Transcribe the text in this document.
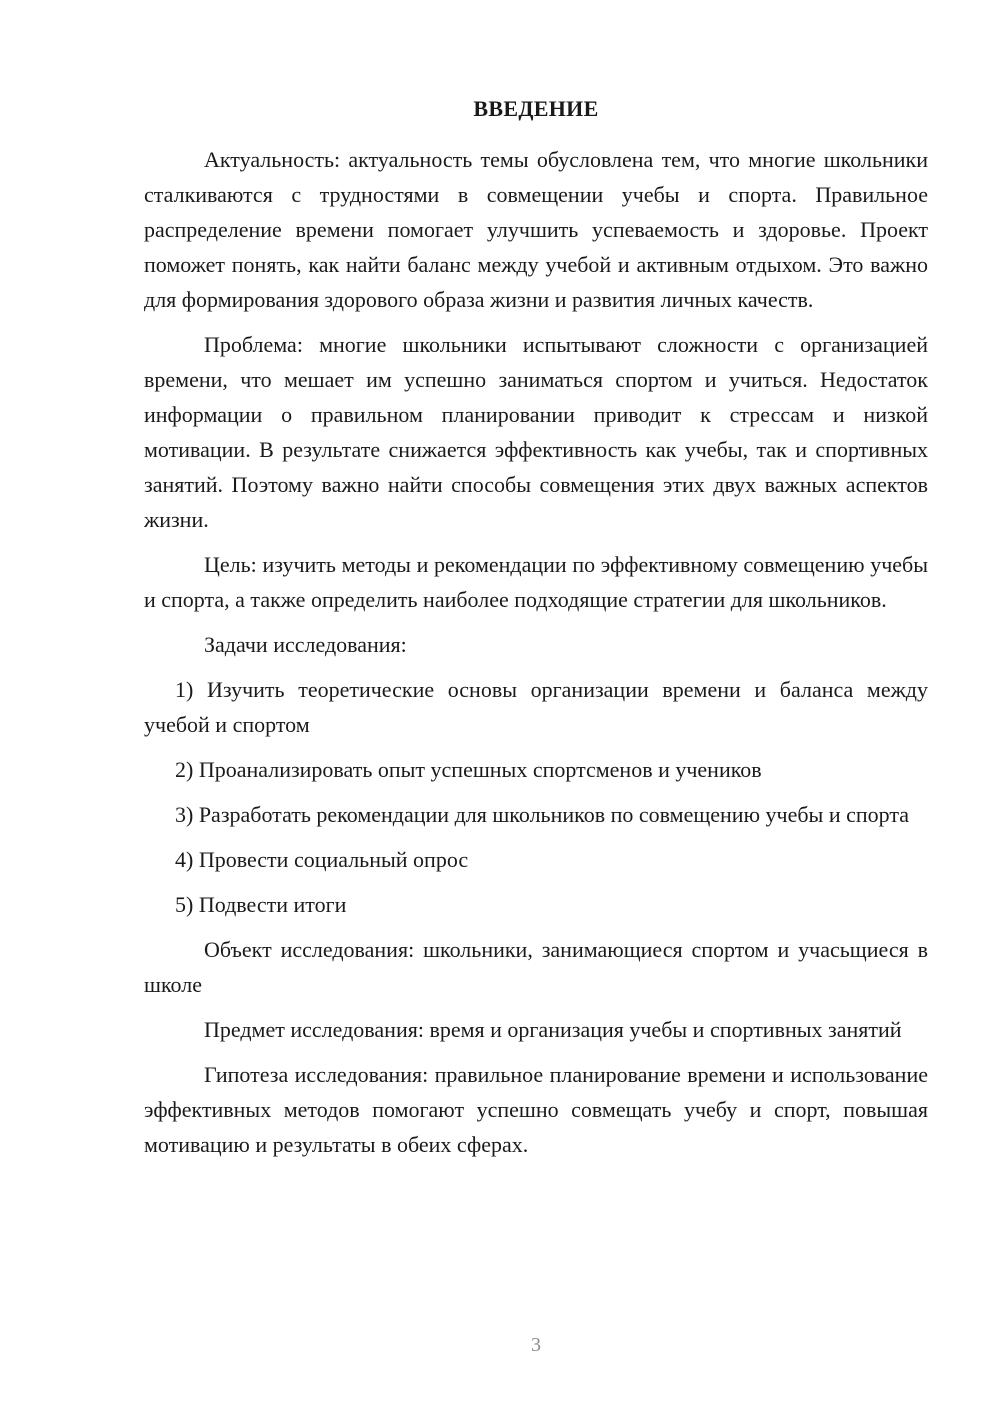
ВВЕДЕНИЕ

Актуальность: актуальность темы обусловлена тем, что многие школьники сталкиваются с трудностями в совмещении учебы и спорта. Правильное распределение времени помогает улучшить успеваемость и здоровье. Проект поможет понять, как найти баланс между учебой и активным отдыхом. Это важно для формирования здорового образа жизни и развития личных качеств.

Проблема: многие школьники испытывают сложности с организацией времени, что мешает им успешно заниматься спортом и учиться. Недостаток информации о правильном планировании приводит к стрессам и низкой мотивации. В результате снижается эффективность как учебы, так и спортивных занятий. Поэтому важно найти способы совмещения этих двух важных аспектов жизни.

Цель: изучить методы и рекомендации по эффективному совмещению учебы и спорта, а также определить наиболее подходящие стратегии для школьников.

Задачи исследования:

1) Изучить теоретические основы организации времени и баланса между учебой и спортом

2) Проанализировать опыт успешных спортсменов и учеников

3) Разработать рекомендации для школьников по совмещению учебы и спорта

4) Провести социальный опрос

5) Подвести итоги

Объект исследования: школьники, занимающиеся спортом и учасьщиеся в школе

Предмет исследования: время и организация учебы и спортивных занятий

Гипотеза исследования: правильное планирование времени и использование эффективных методов помогают успешно совмещать учебу и спорт, повышая мотивацию и результаты в обеих сферах.

3
